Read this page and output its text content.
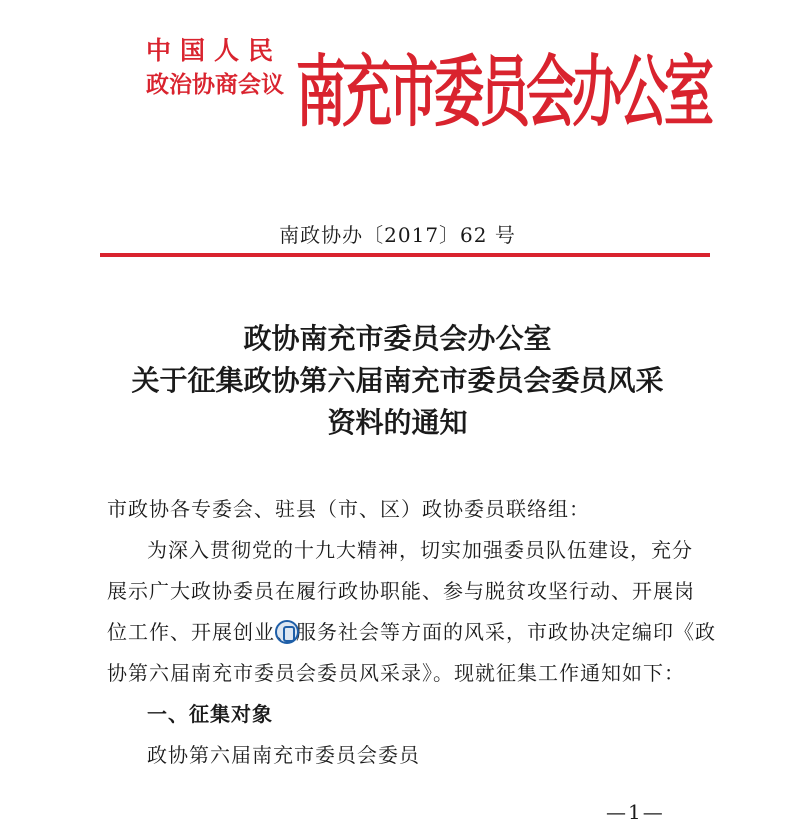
中国人民
政治协商会议 南充市委员会办公室
南政协办〔2017〕62 号
政协南充市委员会办公室
关于征集政协第六届南充市委员会委员风采
资料的通知

市政协各专委会、驻县（市、区）政协委员联络组：

为深入贯彻党的十九大精神，切实加强委员队伍建设，充分

展示广大政协委员在履行政协职能、参与脱贫攻坚行动、开展岗

位工作、开展创业、服务社会等方面的风采，市政协决定编印《政

协第六届南充市委员会委员风采录》。现就征集工作通知如下：

一、征集对象

政协第六届南充市委员会委员

—1—
